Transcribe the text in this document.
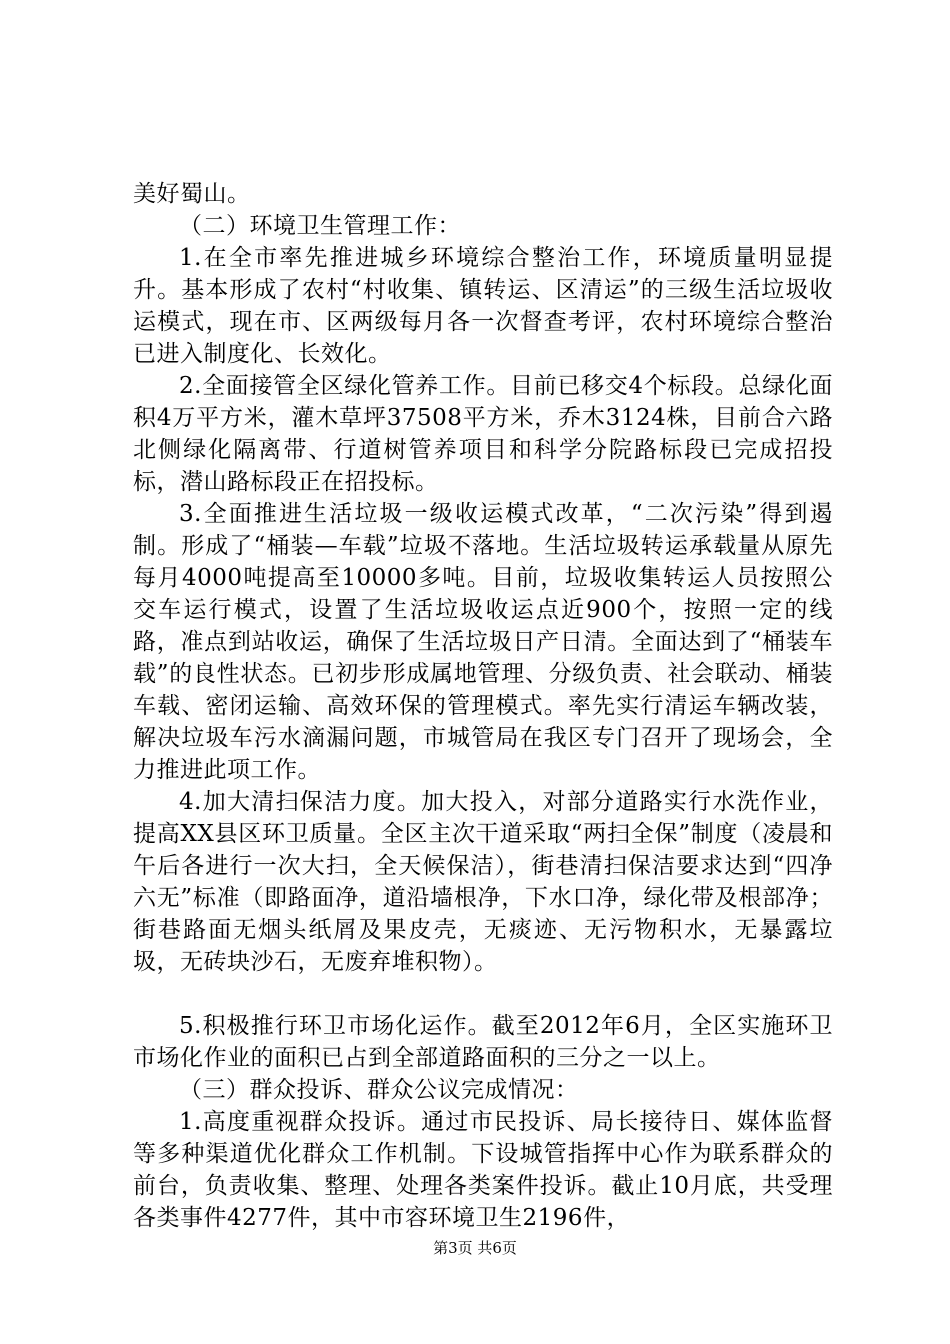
美好蜀山。

（二）环境卫生管理工作：

1.在全市率先推进城乡环境综合整治工作，环境质量明显提升。基本形成了农村“村收集、镇转运、区清运”的三级生活垃圾收运模式，现在市、区两级每月各一次督查考评，农村环境综合整治已进入制度化、长效化。

2.全面接管全区绿化管养工作。目前已移交4个标段。总绿化面积4万平方米，灌木草坪37508平方米，乔木3124株，目前合六路北侧绿化隔离带、行道树管养项目和科学分院路标段已完成招投标，潜山路标段正在招投标。

3.全面推进生活垃圾一级收运模式改革，“二次污染”得到遏制。形成了“桶装—车载”垃圾不落地。生活垃圾转运承载量从原先每月4000吨提高至10000多吨。目前，垃圾收集转运人员按照公交车运行模式，设置了生活垃圾收运点近900个，按照一定的线路，准点到站收运，确保了生活垃圾日产日清。全面达到了“桶装车载”的良性状态。已初步形成属地管理、分级负责、社会联动、桶装车载、密闭运输、高效环保的管理模式。率先实行清运车辆改装，解决垃圾车污水滴漏问题，市城管局在我区专门召开了现场会，全力推进此项工作。

4.加大清扫保洁力度。加大投入，对部分道路实行水洗作业，提高XX县区环卫质量。全区主次干道采取“两扫全保”制度（凌晨和午后各进行一次大扫，全天候保洁），街巷清扫保洁要求达到“四净六无”标准（即路面净，道沿墙根净，下水口净，绿化带及根部净；街巷路面无烟头纸屑及果皮壳，无痰迹、无污物积水，无暴露垃圾，无砖块沙石，无废弃堆积物）。

5.积极推行环卫市场化运作。截至2012年6月，全区实施环卫市场化作业的面积已占到全部道路面积的三分之一以上。

（三）群众投诉、群众公议完成情况：

1.高度重视群众投诉。通过市民投诉、局长接待日、媒体监督等多种渠道优化群众工作机制。下设城管指挥中心作为联系群众的前台，负责收集、整理、处理各类案件投诉。截止10月底，共受理各类事件4277件，其中市容环境卫生2196件，

第3页 共6页
